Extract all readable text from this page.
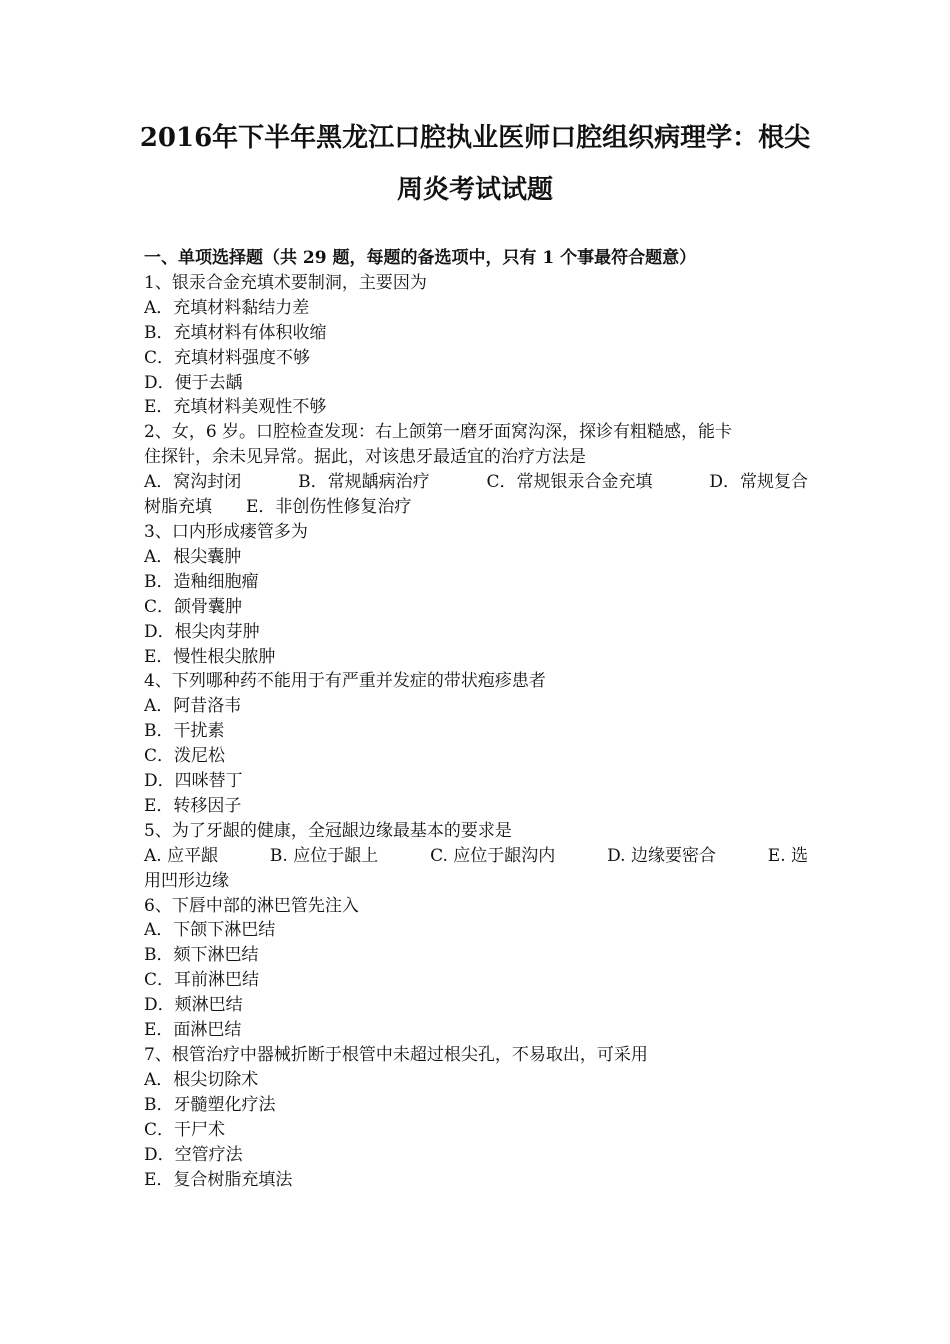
2016年下半年黑龙江口腔执业医师口腔组织病理学：根尖
周炎考试试题
一、单项选择题（共 29 题，每题的备选项中，只有 1 个事最符合题意）
1、银汞合金充填术要制洞，主要因为
A．充填材料黏结力差
B．充填材料有体积收缩
C．充填材料强度不够
D．便于去龋
E．充填材料美观性不够
2、女，6 岁。口腔检查发现：右上颌第一磨牙面窝沟深，探诊有粗糙感，能卡
住探针，余未见异常。据此，对该患牙最适宜的治疗方法是
A．窝沟封闭	B．常规龋病治疗	C．常规银汞合金充填	D．常规复合
树脂充填　　E．非创伤性修复治疗
3、口内形成瘘管多为
A．根尖囊肿
B．造釉细胞瘤
C．颌骨囊肿
D．根尖肉芽肿
E．慢性根尖脓肿
4、下列哪种药不能用于有严重并发症的带状疱疹患者
A．阿昔洛韦
B．干扰素
C．泼尼松
D．四咪替丁
E．转移因子
5、为了牙龈的健康，全冠龈边缘最基本的要求是
A. 应平龈	B. 应位于龈上	C. 应位于龈沟内	D. 边缘要密合	E. 选
用凹形边缘
6、下唇中部的淋巴管先注入
A．下颌下淋巴结
B．颏下淋巴结
C．耳前淋巴结
D．颊淋巴结
E．面淋巴结
7、根管治疗中器械折断于根管中未超过根尖孔，不易取出，可采用
A．根尖切除术
B．牙髓塑化疗法
C．干尸术
D．空管疗法
E．复合树脂充填法
